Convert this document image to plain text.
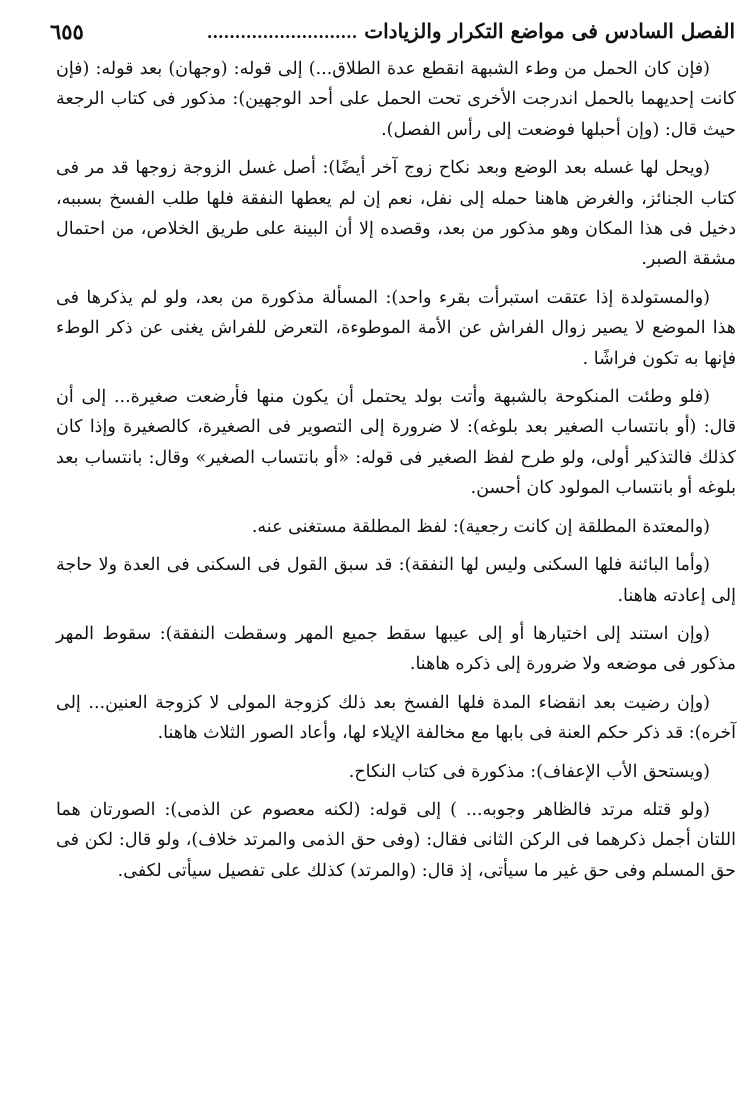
٦٥٥	الفصل السادس فى مواضع التكرار والزيادات ...........................

(فإن كان الحمل من وطء الشبهة انقطع عدة الطلاق...) إلى قوله: (وجهان) بعد قوله: (فإن كانت إحديهما بالحمل اندرجت الأخرى تحت الحمل على أحد الوجهين): مذكور فى كتاب الرجعة حيث قال: (وإن أحبلها فوضعت إلى رأس الفصل).

(ويحل لها غسله بعد الوضع وبعد نكاح زوج آخر أيضًا): أصل غسل الزوجة زوجها قد مر فى كتاب الجنائز، والغرض هاهنا حمله إلى نفل، نعم إن لم يعطها النفقة فلها طلب الفسخ بسببه، دخيل فى هذا المكان وهو مذكور من بعد، وقصده إلا أن البينة على طريق الخلاص، من احتمال مشقة الصبر.

(والمستولدة إذا عتقت استبرأت بقرء واحد): المسألة مذكورة من بعد، ولو لم يذكرها فى هذا الموضع لا يصير زوال الفراش عن الأمة الموطوءة، التعرض للفراش يغنى عن ذكر الوطء فإنها به تكون فراشًا .

(فلو وطئت المنكوحة بالشبهة وأتت بولد يحتمل أن يكون منها فأرضعت صغيرة... إلى أن قال: (أو بانتساب الصغير بعد بلوغه): لا ضرورة إلى التصوير فى الصغيرة، كالصغيرة وإذا كان كذلك فالتذكير أولى، ولو طرح لفظ الصغير فى قوله: «أو بانتساب الصغير» وقال: بانتساب بعد بلوغه أو بانتساب المولود كان أحسن.

(والمعتدة المطلقة إن كانت رجعية): لفظ المطلقة مستغنى عنه.

(وأما البائنة فلها السكنى وليس لها النفقة): قد سبق القول فى السكنى فى العدة ولا حاجة إلى إعادته هاهنا.

(وإن استند إلى اختيارها أو إلى عيبها سقط جميع المهر وسقطت النفقة): سقوط المهر مذكور فى موضعه ولا ضرورة إلى ذكره هاهنا.

(وإن رضيت بعد انقضاء المدة فلها الفسخ بعد ذلك كزوجة المولى لا كزوجة العنين... إلى آخره): قد ذكر حكم العنة فى بابها مع مخالفة الإيلاء لها، وأعاد الصور الثلاث هاهنا.

(ويستحق الأب الإعفاف): مذكورة فى كتاب النكاح.

(ولو قتله مرتد فالظاهر وجوبه... ) إلى قوله: (لكنه معصوم عن الذمى): الصورتان هما اللتان أجمل ذكرهما فى الركن الثانى فقال: (وفى حق الذمى والمرتد خلاف)، ولو قال: لكن فى حق المسلم وفى حق غير ما سيأتى، إذ قال: (والمرتد) كذلك على تفصيل سيأتى لكفى.
